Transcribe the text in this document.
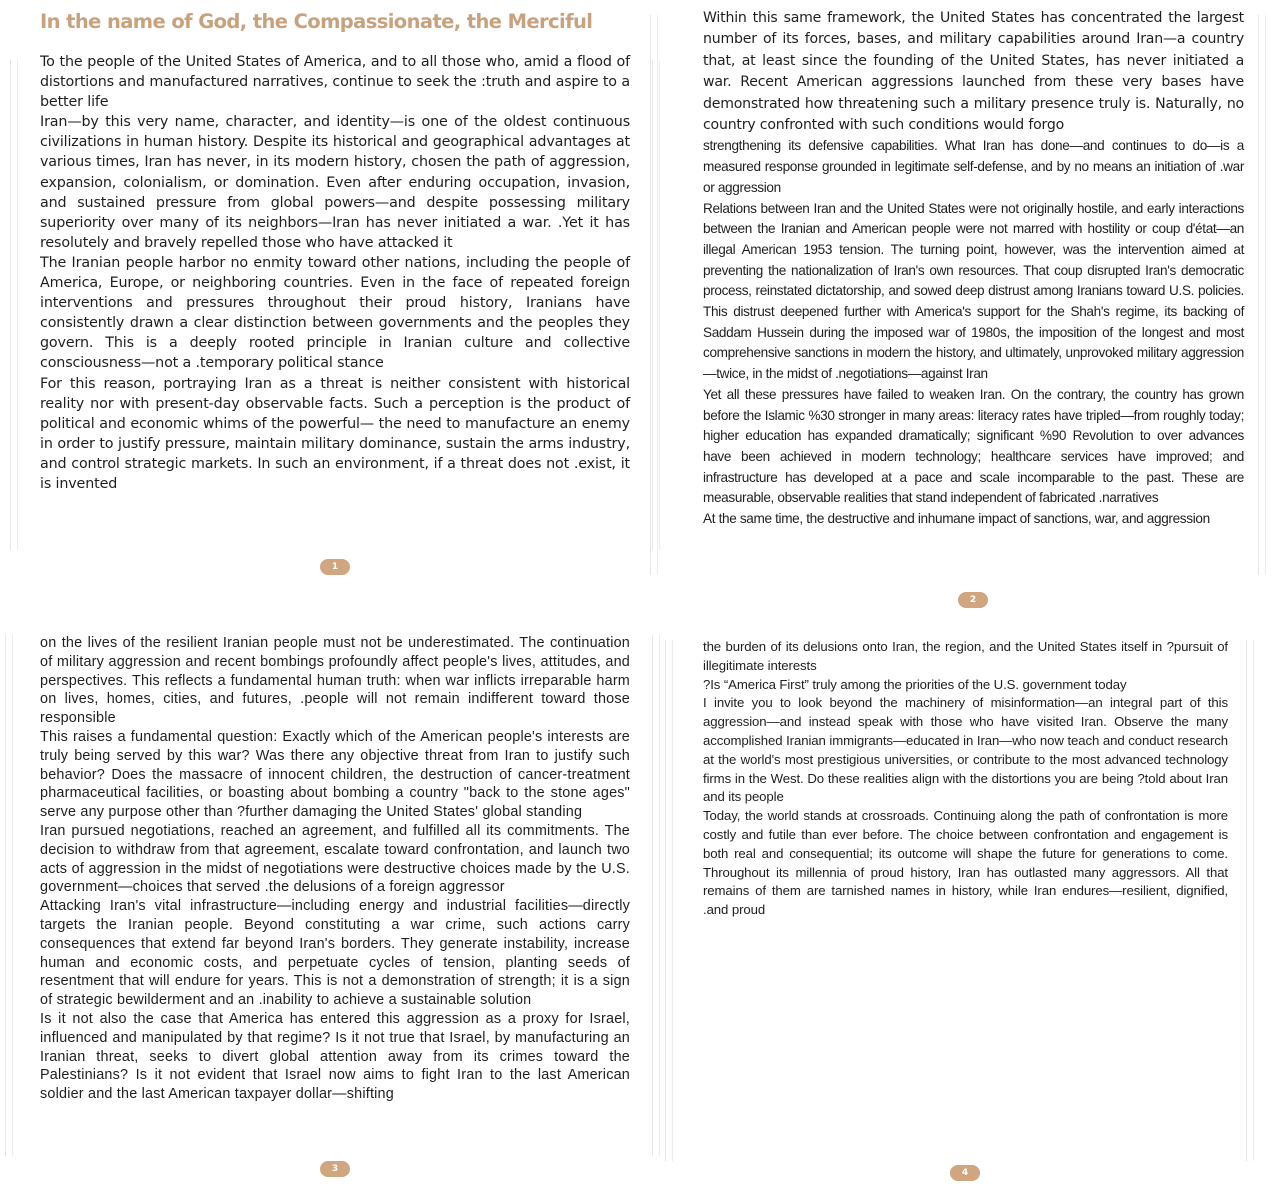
In the name of God, the Compassionate, the Merciful

To the people of the United States of America, and to all those who, amid a flood of distortions and manufactured narratives, continue to seek the :truth and aspire to a better life

Iran—by this very name, character, and identity—is one of the oldest continuous civilizations in human history. Despite its historical and geographical advantages at various times, Iran has never, in its modern history, chosen the path of aggression, expansion, colonialism, or domination. Even after enduring occupation, invasion, and sustained pressure from global powers—and despite possessing military superiority over many of its neighbors—Iran has never initiated a war. .Yet it has resolutely and bravely repelled those who have attacked it

The Iranian people harbor no enmity toward other nations, including the people of America, Europe, or neighboring countries. Even in the face of repeated foreign interventions and pressures throughout their proud history, Iranians have consistently drawn a clear distinction between governments and the peoples they govern. This is a deeply rooted principle in Iranian culture and collective consciousness—not a .temporary political stance

For this reason, portraying Iran as a threat is neither consistent with historical reality nor with present-day observable facts. Such a perception is the product of political and economic whims of the powerful— the need to manufacture an enemy in order to justify pressure, maintain military dominance, sustain the arms industry, and control strategic markets. In such an environment, if a threat does not .exist, it is invented

1

Within this same framework, the United States has concentrated the largest number of its forces, bases, and military capabilities around Iran—a country that, at least since the founding of the United States, has never initiated a war. Recent American aggressions launched from these very bases have demonstrated how threatening such a military presence truly is. Naturally, no country confronted with such conditions would forgo

strengthening its defensive capabilities. What Iran has done—and continues to do—is a measured response grounded in legitimate self-defense, and by no means an initiation of .war or aggression

Relations between Iran and the United States were not originally hostile, and early interactions between the Iranian and American people were not marred with hostility or coup d'état—an illegal American 1953 tension. The turning point, however, was the intervention aimed at preventing the nationalization of Iran's own resources. That coup disrupted Iran's democratic process, reinstated dictatorship, and sowed deep distrust among Iranians toward U.S. policies. This distrust deepened further with America's support for the Shah's regime, its backing of Saddam Hussein during the imposed war of 1980s, the imposition of the longest and most comprehensive sanctions in modern the history, and ultimately, unprovoked military aggression—twice, in the midst of .negotiations—against Iran

Yet all these pressures have failed to weaken Iran. On the contrary, the country has grown before the Islamic %30 stronger in many areas: literacy rates have tripled—from roughly today; higher education has expanded dramatically; significant %90 Revolution to over advances have been achieved in modern technology; healthcare services have improved; and infrastructure has developed at a pace and scale incomparable to the past. These are measurable, observable realities that stand independent of fabricated .narratives

At the same time, the destructive and inhumane impact of sanctions, war, and aggression

2

on the lives of the resilient Iranian people must not be underestimated. The continuation of military aggression and recent bombings profoundly affect people's lives, attitudes, and perspectives. This reflects a fundamental human truth: when war inflicts irreparable harm on lives, homes, cities, and futures, .people will not remain indifferent toward those responsible

This raises a fundamental question: Exactly which of the American people's interests are truly being served by this war? Was there any objective threat from Iran to justify such behavior? Does the massacre of innocent children, the destruction of cancer-treatment pharmaceutical facilities, or boasting about bombing a country "back to the stone ages" serve any purpose other than ?further damaging the United States' global standing

Iran pursued negotiations, reached an agreement, and fulfilled all its commitments. The decision to withdraw from that agreement, escalate toward confrontation, and launch two acts of aggression in the midst of negotiations were destructive choices made by the U.S. government—choices that served .the delusions of a foreign aggressor

Attacking Iran's vital infrastructure—including energy and industrial facilities—directly targets the Iranian people. Beyond constituting a war crime, such actions carry consequences that extend far beyond Iran's borders. They generate instability, increase human and economic costs, and perpetuate cycles of tension, planting seeds of resentment that will endure for years. This is not a demonstration of strength; it is a sign of strategic bewilderment and an .inability to achieve a sustainable solution

Is it not also the case that America has entered this aggression as a proxy for Israel, influenced and manipulated by that regime? Is it not true that Israel, by manufacturing an Iranian threat, seeks to divert global attention away from its crimes toward the Palestinians? Is it not evident that Israel now aims to fight Iran to the last American soldier and the last American taxpayer dollar—shifting

3

the burden of its delusions onto Iran, the region, and the United States itself in ?pursuit of illegitimate interests

?Is “America First” truly among the priorities of the U.S. government today

I invite you to look beyond the machinery of misinformation—an integral part of this aggression—and instead speak with those who have visited Iran. Observe the many accomplished Iranian immigrants—educated in Iran—who now teach and conduct research at the world's most prestigious universities, or contribute to the most advanced technology firms in the West. Do these realities align with the distortions you are being ?told about Iran and its people

Today, the world stands at crossroads. Continuing along the path of confrontation is more costly and futile than ever before. The choice between confrontation and engagement is both real and consequential; its outcome will shape the future for generations to come. Throughout its millennia of proud history, Iran has outlasted many aggressors. All that remains of them are tarnished names in history, while Iran endures—resilient, dignified, .and proud

4
